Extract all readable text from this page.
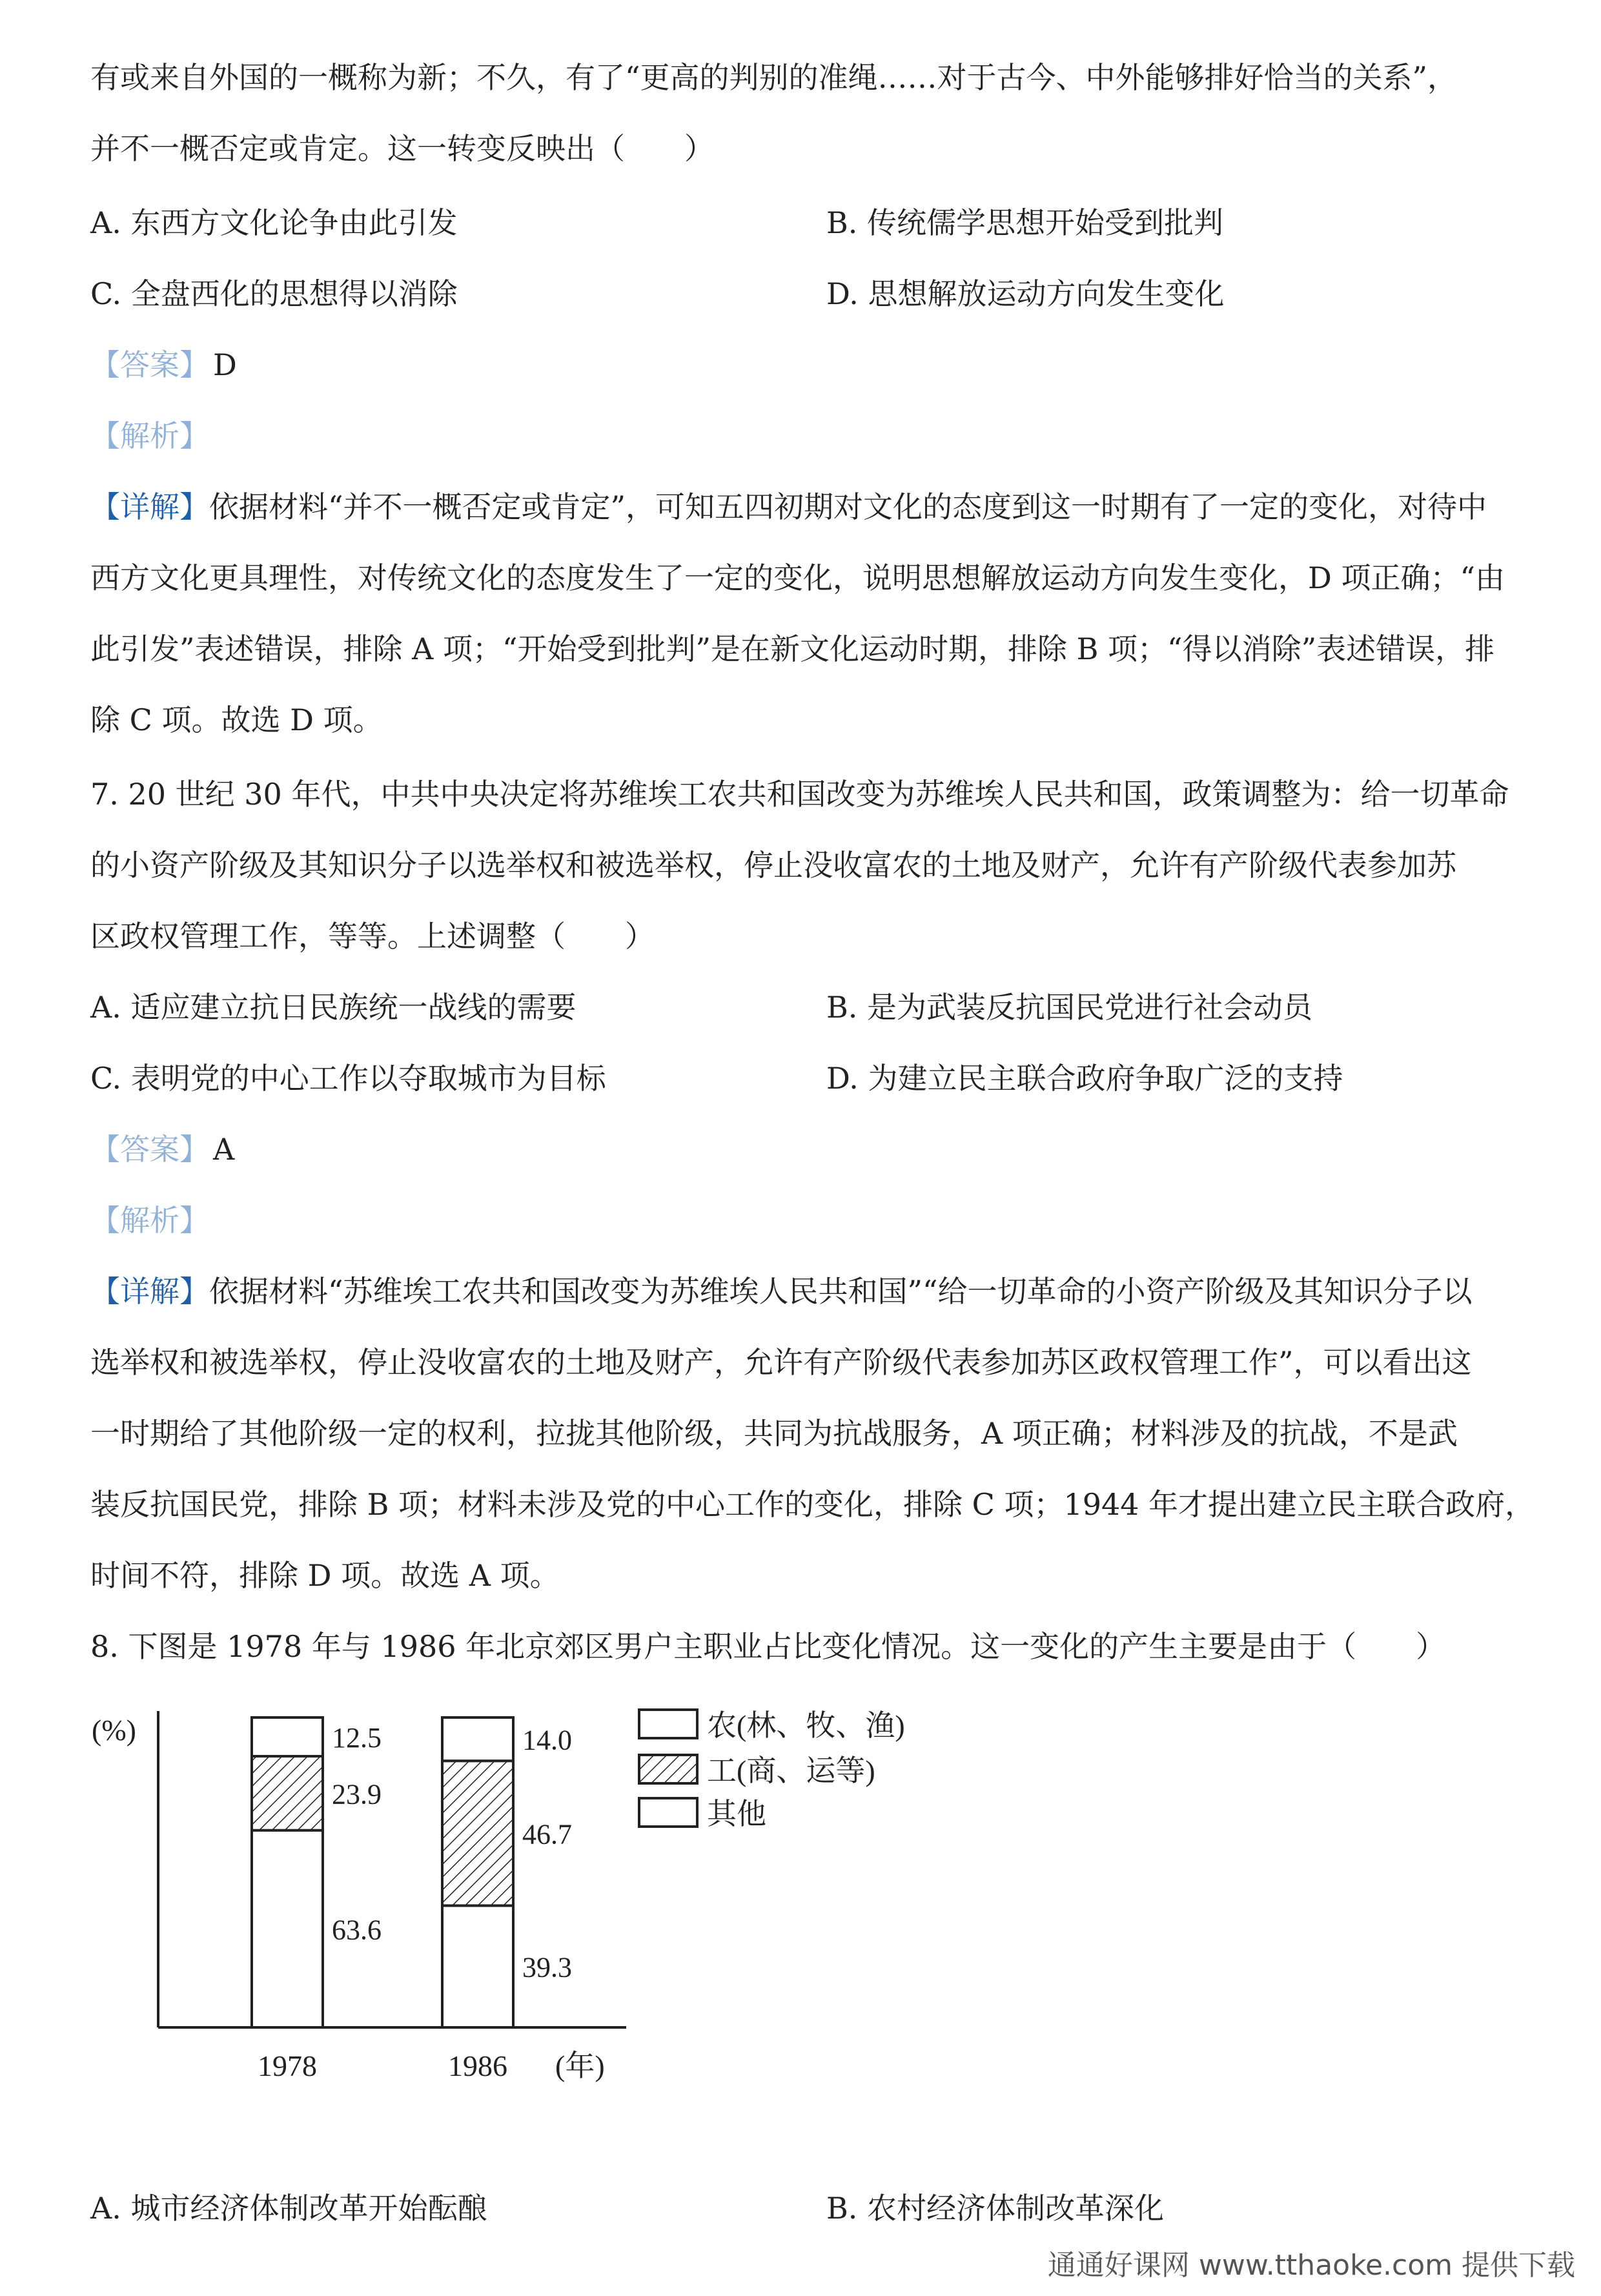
有或来自外国的一概称为新；不久，有了“更高的判别的准绳……对于古今、中外能够排好恰当的关系”，
并不一概否定或肯定。这一转变反映出（　　）
A. 东西方文化论争由此引发	B. 传统儒学思想开始受到批判
C. 全盘西化的思想得以消除	D. 思想解放运动方向发生变化
【答案】 D
【解析】
【详解】依据材料“并不一概否定或肯定”，可知五四初期对文化的态度到这一时期有了一定的变化，对待中
西方文化更具理性，对传统文化的态度发生了一定的变化，说明思想解放运动方向发生变化，D 项正确；“由
此引发”表述错误，排除 A 项；“开始受到批判”是在新文化运动时期，排除 B 项；“得以消除”表述错误，排
除 C 项。故选 D 项。
7. 20 世纪 30 年代，中共中央决定将苏维埃工农共和国改变为苏维埃人民共和国，政策调整为：给一切革命
的小资产阶级及其知识分子以选举权和被选举权，停止没收富农的土地及财产，允许有产阶级代表参加苏
区政权管理工作，等等。上述调整（　　）
A. 适应建立抗日民族统一战线的需要	B. 是为武装反抗国民党进行社会动员
C. 表明党的中心工作以夺取城市为目标	D. 为建立民主联合政府争取广泛的支持
【答案】 A
【解析】
【详解】依据材料“苏维埃工农共和国改变为苏维埃人民共和国”“给一切革命的小资产阶级及其知识分子以
选举权和被选举权，停止没收富农的土地及财产，允许有产阶级代表参加苏区政权管理工作”，可以看出这
一时期给了其他阶级一定的权利，拉拢其他阶级，共同为抗战服务，A 项正确；材料涉及的抗战，不是武
装反抗国民党，排除 B 项；材料未涉及党的中心工作的变化，排除 C 项；1944 年才提出建立民主联合政府，
时间不符，排除 D 项。故选 A 项。
8. 下图是 1978 年与 1986 年北京郊区男户主职业占比变化情况。这一变化的产生主要是由于（　　）
(%)
(年)
63.6
23.9
12.5
1978
39.3
46.7
14.0
1986
农(林、牧、渔)
工(商、运等)
其他
A. 城市经济体制改革开始酝酿	B. 农村经济体制改革深化
通通好课网 www.tthaoke.com 提供下载
